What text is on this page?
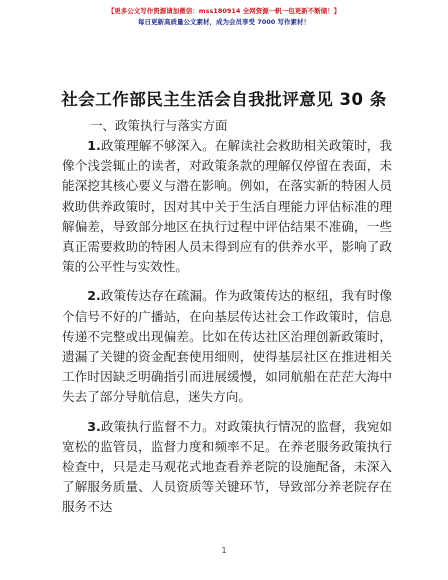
【更多公文写作资源请加微信：mss180914 全网资源一帆一包更新不断储！】
每日更新高质量公文素材，成为会员享受 7000 写作素材！
社会工作部民主生活会自我批评意见 30 条
一、政策执行与落实方面

1.政策理解不够深入。在解读社会救助相关政策时，我像个浅尝辄止的读者，对政策条款的理解仅停留在表面，未能深挖其核心要义与潜在影响。例如，在落实新的特困人员救助供养政策时，因对其中关于生活自理能力评估标准的理解偏差，导致部分地区在执行过程中评估结果不准确，一些真正需要救助的特困人员未得到应有的供养水平，影响了政策的公平性与实效性。

2.政策传达存在疏漏。作为政策传达的枢纽，我有时像个信号不好的广播站，在向基层传达社会工作政策时，信息传递不完整或出现偏差。比如在传达社区治理创新政策时，遗漏了关键的资金配套使用细则，使得基层社区在推进相关工作时因缺乏明确指引而进展缓慢，如同航船在茫茫大海中失去了部分导航信息，迷失方向。

3.政策执行监督不力。对政策执行情况的监督，我宛如宽松的监管员，监督力度和频率不足。在养老服务政策执行检查中，只是走马观花式地查看养老院的设施配备，未深入了解服务质量、人员资质等关键环节，导致部分养老院存在服务不达

1
